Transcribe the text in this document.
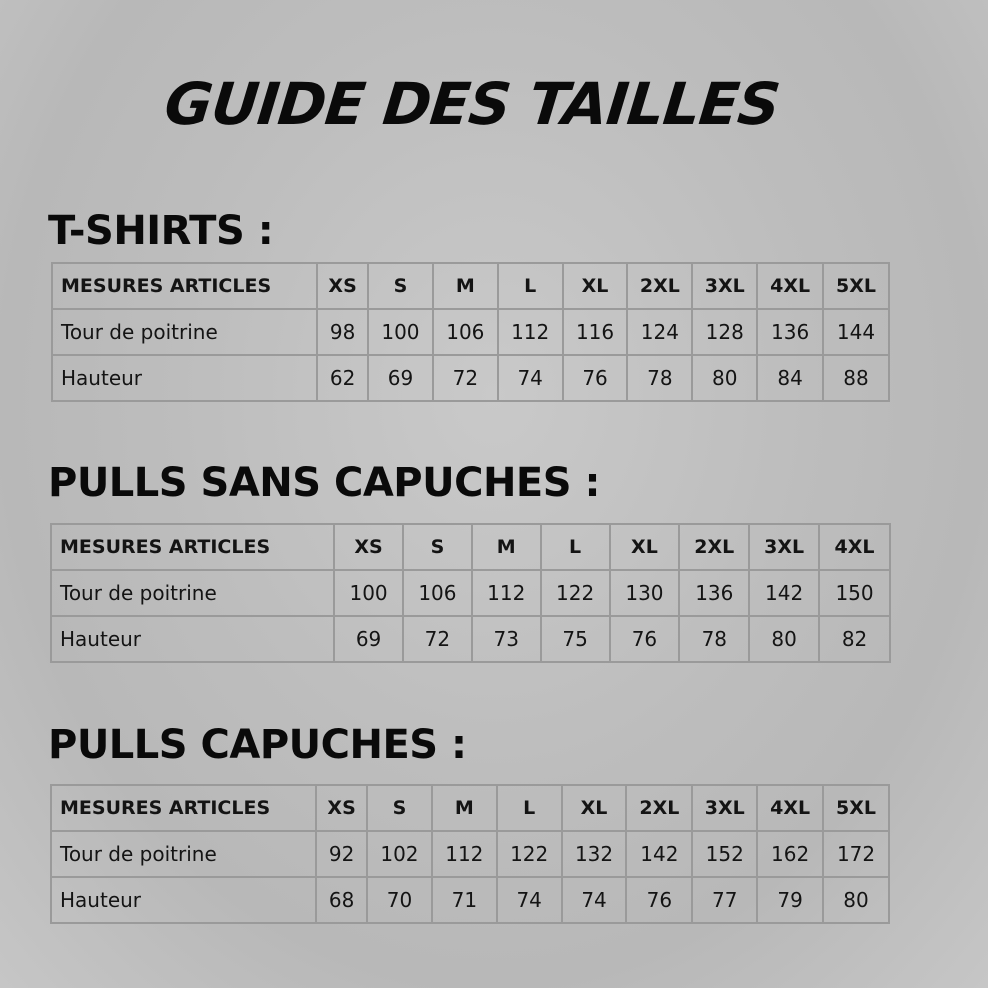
GUIDE DES TAILLES
T-SHIRTS :
MESURES ARTICLES	XS	S	M	L	XL	2XL	3XL	4XL	5XL
Tour de poitrine	98	100	106	112	116	124	128	136	144
Hauteur	62	69	72	74	76	78	80	84	88
PULLS SANS CAPUCHES :
MESURES ARTICLES	XS	S	M	L	XL	2XL	3XL	4XL
Tour de poitrine	100	106	112	122	130	136	142	150
Hauteur	69	72	73	75	76	78	80	82
PULLS CAPUCHES :
MESURES ARTICLES	XS	S	M	L	XL	2XL	3XL	4XL	5XL
Tour de poitrine	92	102	112	122	132	142	152	162	172
Hauteur	68	70	71	74	74	76	77	79	80
